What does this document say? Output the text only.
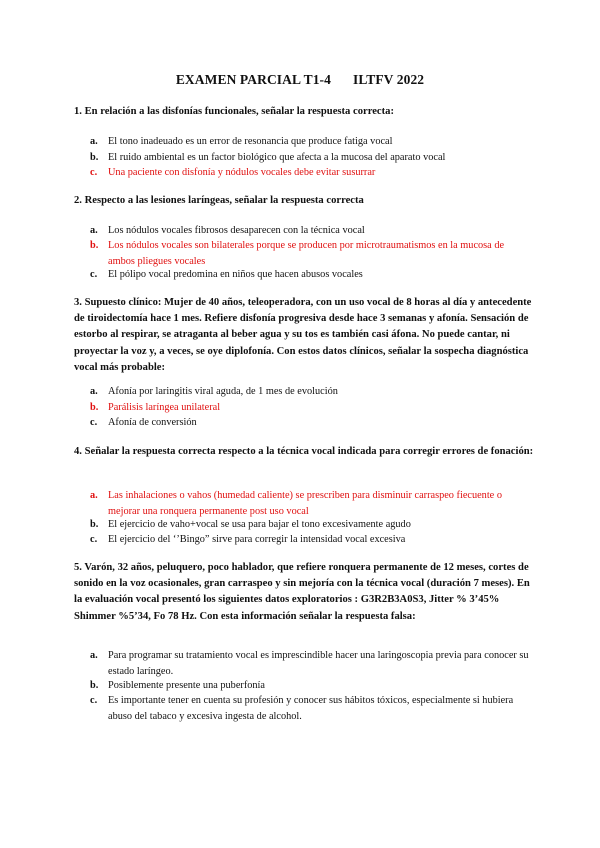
EXAMEN PARCIAL T1-4 ILTFV 2022
1. En relación a las disfonías funcionales, señalar la respuesta correcta:
a. El tono inadeuado es un error de resonancia que produce fatiga vocal
b. El ruido ambiental es un factor biológico que afecta a la mucosa del aparato vocal
c.	Una paciente con disfonía y nódulos vocales debe evitar susurrar
2. Respecto a las lesiones laríngeas, señalar la respuesta correcta
a. Los nódulos vocales fibrosos desaparecen con la técnica vocal
b. Los nódulos vocales son bilaterales porque se producen por microtraumatismos en la mucosa de ambos pliegues vocales
c.	El pólipo vocal predomina en niños que hacen abusos vocales
3. Supuesto clínico: Mujer de 40 años, teleoperadora, con un uso vocal de 8 horas al día y antecedente de tiroidectomía hace 1 mes. Refiere disfonía progresiva desde hace 3 semanas y afonía. Sensación de estorbo al respirar, se atraganta al beber agua y su tos es también casi áfona. No puede cantar, ni proyectar la voz y, a veces, se oye diplofonía. Con estos datos clínicos, señalar la sospecha diagnóstica vocal más probable:
a. Afonía por laringitis viral aguda, de 1 mes de evolución
b. Parálisis laríngea unilateral
c.	Afonía de conversión
4. Señalar la respuesta correcta respecto a la técnica vocal indicada para corregir errores de fonación:
a. Las inhalaciones o vahos (humedad caliente) se prescriben para disminuir carraspeo fiecuente o mejorar una ronquera permanente post uso vocal
b. El ejercicio de vaho+vocal se usa para bajar el tono excesivamente agudo
c.	El ejercicio del ‘’Bingo” sirve para corregir la intensidad vocal excesiva
5. Varón, 32 años, peluquero, poco hablador, que refiere ronquera permanente de 12 meses, cortes de sonido en la voz ocasionales, gran carraspeo y sin mejoría con la técnica vocal (duración 7 meses). En la evaluación vocal presentó los siguientes datos exploratorios : G3R2B3A0S3, Jitter % 3’45% Shimmer %5’34, Fo 78 Hz. Con esta información señalar la respuesta falsa:
a. Para programar su tratamiento vocal es imprescindible hacer una laringoscopia previa para conocer su estado laríngeo.
b. Posiblemente presente una puberfonía
c.	Es importante tener en cuenta su profesión y conocer sus hábitos tóxicos, especialmente si hubiera abuso del tabaco y excesiva ingesta de alcohol.
